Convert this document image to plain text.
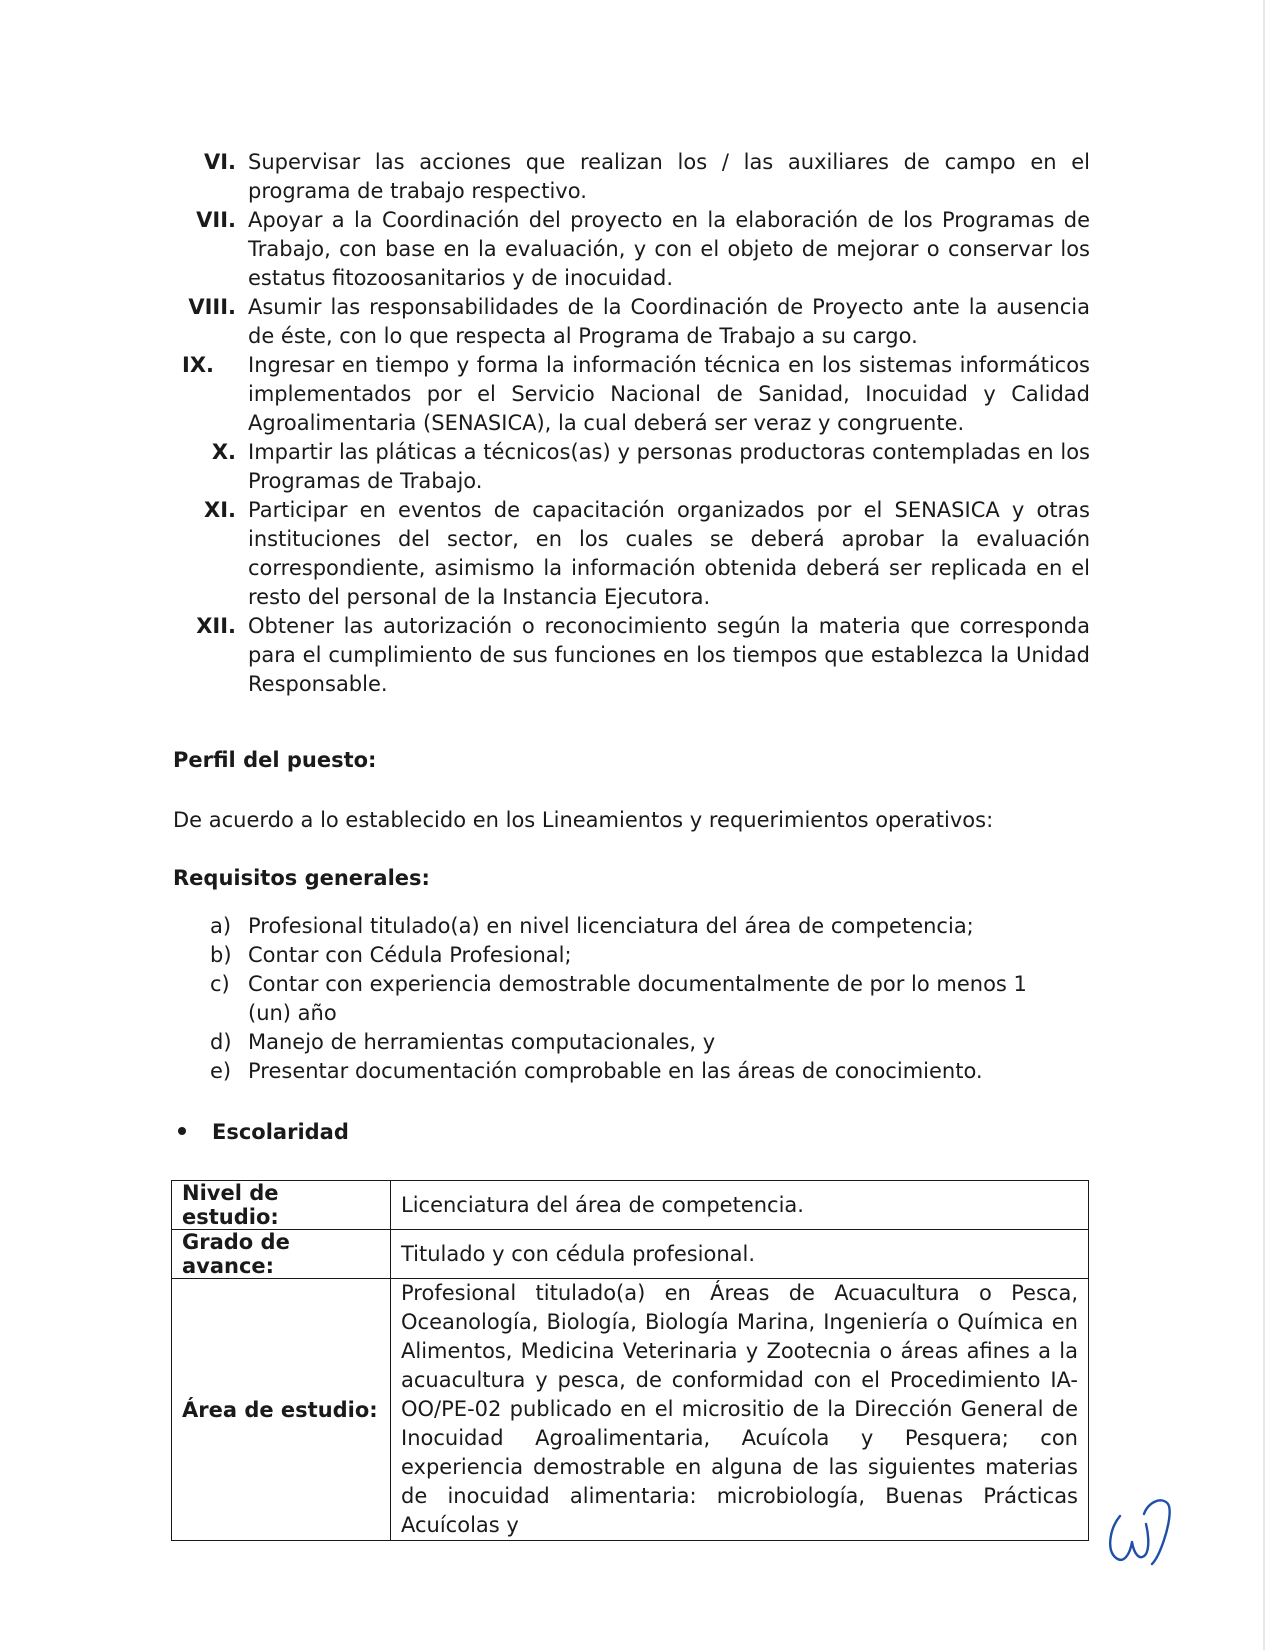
VI. Supervisar las acciones que realizan los / las auxiliares de campo en el programa de trabajo respectivo.
VII. Apoyar a la Coordinación del proyecto en la elaboración de los Programas de Trabajo, con base en la evaluación, y con el objeto de mejorar o conservar los estatus fitozoosanitarios y de inocuidad.
VIII. Asumir las responsabilidades de la Coordinación de Proyecto ante la ausencia de éste, con lo que respecta al Programa de Trabajo a su cargo.
IX.	Ingresar en tiempo y forma la información técnica en los sistemas informáticos implementados por el Servicio Nacional de Sanidad, Inocuidad y Calidad Agroalimentaria (SENASICA), la cual deberá ser veraz y congruente.
X. Impartir las pláticas a técnicos(as) y personas productoras contempladas en los Programas de Trabajo.
XI. Participar en eventos de capacitación organizados por el SENASICA y otras instituciones del sector, en los cuales se deberá aprobar la evaluación correspondiente, asimismo la información obtenida deberá ser replicada en el resto del personal de la Instancia Ejecutora.
XII. Obtener las autorización o reconocimiento según la materia que corresponda para el cumplimiento de sus funciones en los tiempos que establezca la Unidad Responsable.
Perfil del puesto:

De acuerdo a lo establecido en los Lineamientos y requerimientos operativos:

Requisitos generales:
a) Profesional titulado(a) en nivel licenciatura del área de competencia;
b) Contar con Cédula Profesional;
c) Contar con experiencia demostrable documentalmente de por lo menos 1 (un) año
d) Manejo de herramientas computacionales, y
e) Presentar documentación comprobable en las áreas de conocimiento.
Escolaridad
Nivel de estudio:	Licenciatura del área de competencia.
Grado de avance:	Titulado y con cédula profesional.
Área de estudio:	Profesional titulado(a) en Áreas de Acuacultura o Pesca, Oceanología, Biología, Biología Marina, Ingeniería o Química en Alimentos, Medicina Veterinaria y Zootecnia o áreas afines a la acuacultura y pesca, de conformidad con el Procedimiento IA-OO/PE-02 publicado en el micrositio de la Dirección General de Inocuidad Agroalimentaria, Acuícola y Pesquera; con experiencia demostrable en alguna de las siguientes materias de inocuidad alimentaria: microbiología, Buenas Prácticas Acuícolas y
